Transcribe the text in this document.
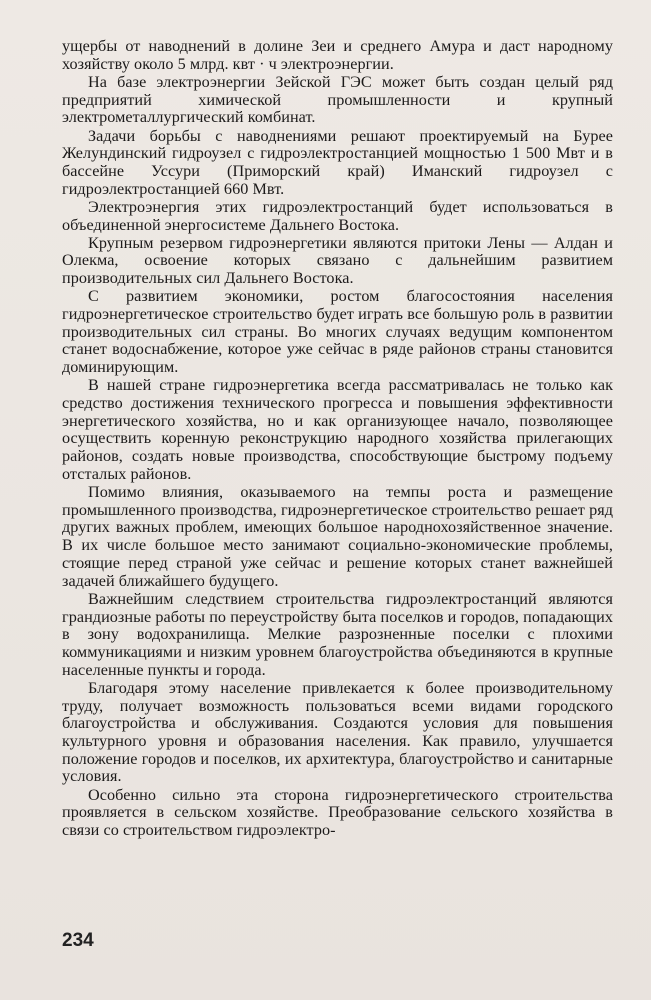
ущербы от наводнений в долине Зеи и среднего Амура и даст народному хозяйству около 5 млрд. квт · ч электроэнергии.

На базе электроэнергии Зейской ГЭС может быть создан целый ряд предприятий химической промышленности и крупный электрометаллургический комбинат.

Задачи борьбы с наводнениями решают проектируемый на Бурее Желундинский гидроузел с гидроэлектростанцией мощностью 1 500 Мвт и в бассейне Уссури (Приморский край) Иманский гидроузел с гидроэлектростанцией 660 Мвт.

Электроэнергия этих гидроэлектростанций будет использоваться в объединенной энергосистеме Дальнего Востока.

Крупным резервом гидроэнергетики являются притоки Лены — Алдан и Олекма, освоение которых связано с дальнейшим развитием производительных сил Дальнего Востока.

С развитием экономики, ростом благосостояния населения гидроэнергетическое строительство будет играть все большую роль в развитии производительных сил страны. Во многих случаях ведущим компонентом станет водоснабжение, которое уже сейчас в ряде районов страны становится доминирующим.

В нашей стране гидроэнергетика всегда рассматривалась не только как средство достижения технического прогресса и повышения эффективности энергетического хозяйства, но и как организующее начало, позволяющее осуществить коренную реконструкцию народного хозяйства прилегающих районов, создать новые производства, способствующие быстрому подъему отсталых районов.

Помимо влияния, оказываемого на темпы роста и размещение промышленного производства, гидроэнергетическое строительство решает ряд других важных проблем, имеющих большое народнохозяйственное значение. В их числе большое место занимают социально-экономические проблемы, стоящие перед страной уже сейчас и решение которых станет важнейшей задачей ближайшего будущего.

Важнейшим следствием строительства гидроэлектростанций являются грандиозные работы по переустройству быта поселков и городов, попадающих в зону водохранилища. Мелкие разрозненные поселки с плохими коммуникациями и низким уровнем благоустройства объединяются в крупные населенные пункты и города.

Благодаря этому население привлекается к более производительному труду, получает возможность пользоваться всеми видами городского благоустройства и обслуживания. Создаются условия для повышения культурного уровня и образования населения. Как правило, улучшается положение городов и поселков, их архитектура, благоустройство и санитарные условия.

Особенно сильно эта сторона гидроэнергетического строительства проявляется в сельском хозяйстве. Преобразование сельского хозяйства в связи со строительством гидроэлектро-

234
